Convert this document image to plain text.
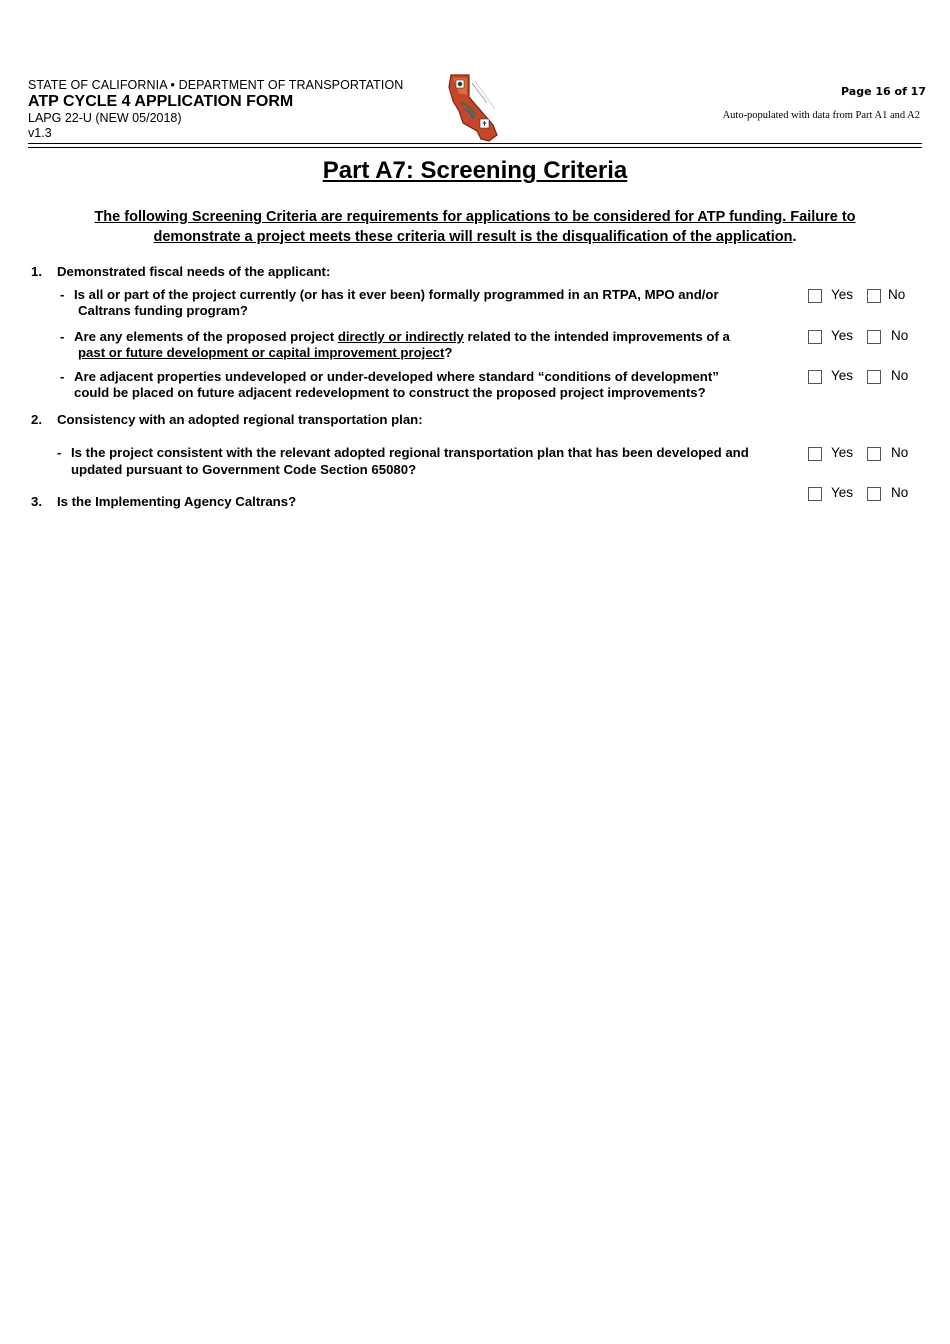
STATE OF CALIFORNIA • DEPARTMENT OF TRANSPORTATION
ATP CYCLE 4 APPLICATION FORM
LAPG 22-U (NEW 05/2018)
v1.3
Page 16 of 17
Auto-populated with data from Part A1 and A2
Part A7: Screening Criteria
The following Screening Criteria are requirements for applications to be considered for ATP funding. Failure to demonstrate a project meets these criteria will result is the disqualification of the application.
1. Demonstrated fiscal needs of the applicant:
- Is all or part of the project currently (or has it ever been) formally programmed in an RTPA, MPO and/or
Caltrans funding program?
Yes	No
- Are any elements of the proposed project directly or indirectly related to the intended improvements of a
past or future development or capital improvement project?
Yes	No
- Are adjacent properties undeveloped or under-developed where standard “conditions of development”
could be placed on future adjacent redevelopment to construct the proposed project improvements?
Yes	No
2. Consistency with an adopted regional transportation plan:
- Is the project consistent with the relevant adopted regional transportation plan that has been developed and
updated pursuant to Government Code Section 65080?
Yes	No
3. Is the Implementing Agency Caltrans?
Yes	No
